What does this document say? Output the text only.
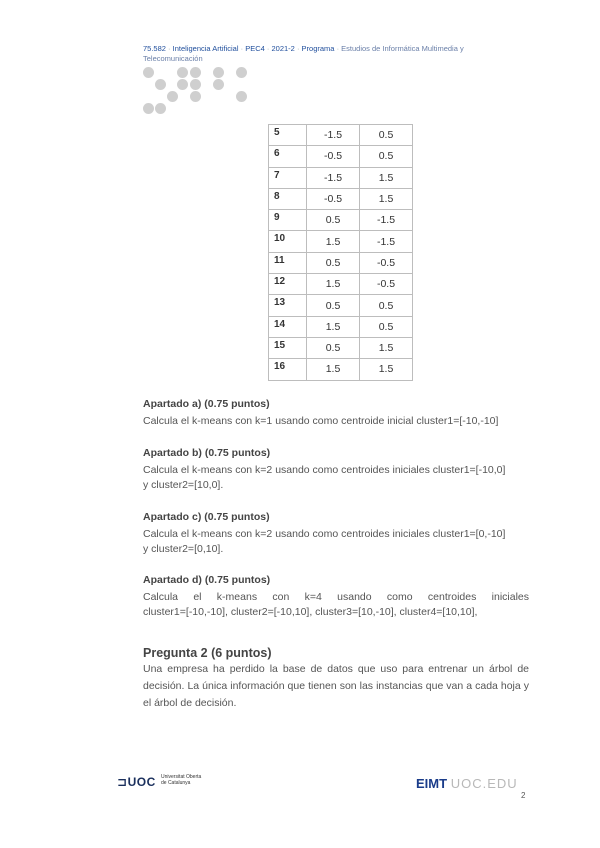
75.582 · Inteligencia Artificial · PEC4 · 2021-2 · Programa · Estudios de Informática Multimedia y
Telecomunicación
5	-1.5	0.5
6	-0.5	0.5
7	-1.5	1.5
8	-0.5	1.5
9	0.5	-1.5
10	1.5	-1.5
11	0.5	-0.5
12	1.5	-0.5
13	0.5	0.5
14	1.5	0.5
15	0.5	1.5
16	1.5	1.5
Apartado a) (0.75 puntos)
Calcula el k-means con k=1 usando como centroide inicial cluster1=[-10,-10]
Apartado b) (0.75 puntos)
Calcula el k-means con k=2 usando como centroides iniciales cluster1=[-10,0]
y cluster2=[10,0].
Apartado c) (0.75 puntos)
Calcula el k-means con k=2 usando como centroides iniciales cluster1=[0,-10]
y cluster2=[0,10].
Apartado d) (0.75 puntos)
Calcula el k-means con k=4 usando como centroides iniciales
cluster1=[-10,-10], cluster2=[-10,10], cluster3=[10,-10], cluster4=[10,10],
Pregunta 2 (6 puntos)
Una empresa ha perdido la base de datos que uso para entrenar un árbol de decisión. La única información que tienen son las instancias que van a cada hoja y el árbol de decisión.
⊐UOC Universitat Oberta
de Catalunya	EIMT UOC.EDU
2
